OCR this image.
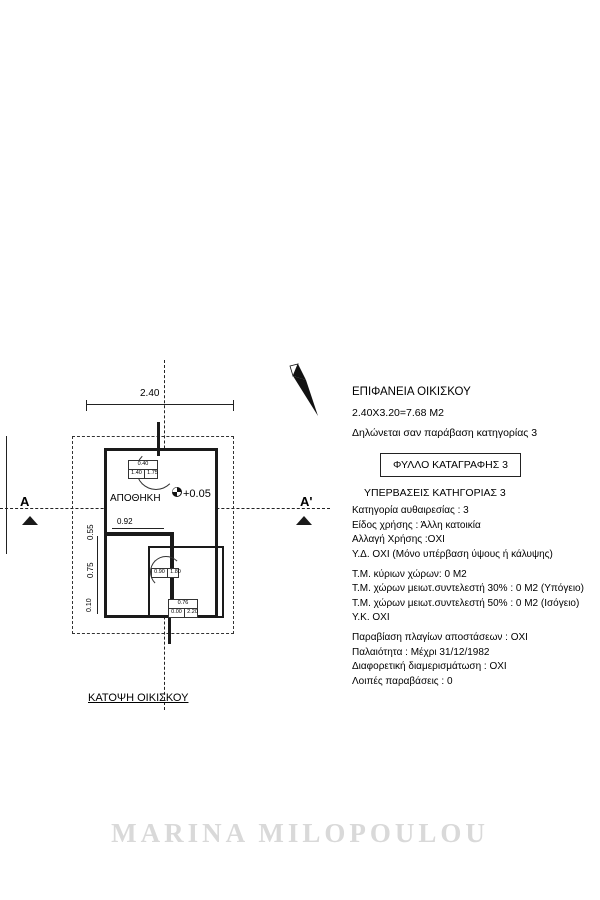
2.40
ΑΠΟΘΗΚΗ +0.05
0.92
0.55
0.75
0.10
0.40
1.40 1.75
0.76
0.00 2.20
0.90 1.80
A	A'
ΚΑΤΟΨΗ ΟΙΚΙΣΚΟΥ
ΕΠΙΦΑΝΕΙΑ ΟΙΚΙΣΚΟΥ
2.40X3.20=7.68 M2
Δηλώνεται σαν παράβαση κατηγορίας 3
ΦΥΛΛΟ ΚΑΤΑΓΡΑΦΗΣ 3
ΥΠΕΡΒΑΣΕΙΣ ΚΑΤΗΓΟΡΙΑΣ 3
Κατηγορία αυθαιρεσίας : 3
Είδος χρήσης : Άλλη κατοικία
Αλλαγή Χρήσης :ΟΧΙ
Υ.Δ. ΟΧΙ (Μόνο υπέρβαση ύψους ή κάλυψης)
Τ.Μ. κύριων χώρων: 0 Μ2
Τ.Μ. χώρων μειωτ.συντελεστή 30% : 0 Μ2 (Υπόγειο)
Τ.Μ. χώρων μειωτ.συντελεστή 50% : 0 Μ2 (Ισόγειο)
Υ.Κ. ΟΧΙ
Παραβίαση πλαγίων αποστάσεων : ΟΧΙ
Παλαιότητα : Μέχρι 31/12/1982
Διαφορετική διαμερισμάτωση : ΟΧΙ
Λοιπές παραβάσεις : 0
MARINA MILOPOULOU
